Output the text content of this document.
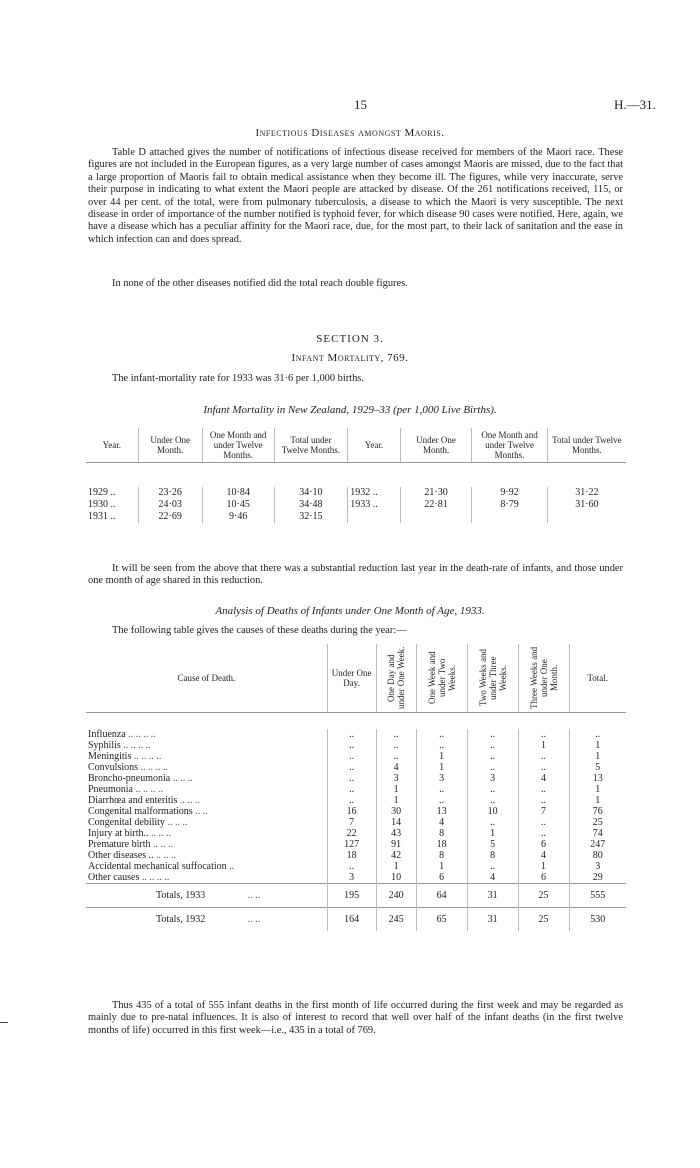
15	H.—31.
Infectious Diseases amongst Maoris.
Table D attached gives the number of notifications of infectious disease received for members of the Maori race. These figures are not included in the European figures, as a very large number of cases amongst Maoris are missed, due to the fact that a large proportion of Maoris fail to obtain medical assistance when they become ill. The figures, while very inaccurate, serve their purpose in indicating to what extent the Maori people are attacked by disease. Of the 261 notifications received, 115, or over 44 per cent. of the total, were from pulmonary tuberculosis, a disease to which the Maori is very susceptible. The next disease in order of importance of the number notified is typhoid fever, for which disease 90 cases were notified. Here, again, we have a disease which has a peculiar affinity for the Maori race, due, for the most part, to their lack of sanitation and the ease in which infection can and does spread.
In none of the other diseases notified did the total reach double figures.
SECTION 3.
Infant Mortality, 769.
The infant-mortality rate for 1933 was 31·6 per 1,000 births.
Infant Mortality in New Zealand, 1929–33 (per 1,000 Live Births).
Year.	Under One Month.	One Month and under Twelve Months.	Total under Twelve Months.	Year.	Under One Month.	One Month and under Twelve Months.	Total under Twelve Months.

1929 ..	23·26	10·84	34·10	1932 ..	21·30	9·92	31·22
1930 ..	24·03	10·45	34·48	1933 ..	22·81	8·79	31·60
1931 ..	22·69	9·46	32·15				

It will be seen from the above that there was a substantial reduction last year in the death-rate of infants, and those under one month of age shared in this reduction.
Analysis of Deaths of Infants under One Month of Age, 1933.
The following table gives the causes of these deaths during the year:—
Cause of Death.	Under One Day.	One Day and under One Week.	One Week and under Two Weeks.	Two Weeks and under Three Weeks.	Three Weeks and under One Month.	Total.

Influenza .. .. .. ..	..	..	..	..	..	..
Syphilis .. .. .. ..	..	..	..	..	1	1
Meningitis .. .. .. ..	..	..	1	..	..	1
Convulsions .. .. .. ..	..	4	1	..	..	5
Broncho-pneumonia .. .. ..	..	3	3	3	4	13
Pneumonia .. .. .. ..	..	1	..	..	..	1
Diarrhœa and enteritis .. .. ..	..	1	..	..	..	1
Congenital malformations .. ..	16	30	13	10	7	76
Congenital debility .. .. ..	7	14	4	..	..	25
Injury at birth.. .. .. ..	22	43	8	1	..	74
Premature birth .. .. ..	127	91	18	5	6	247
Other diseases .. .. .. ..	18	42	8	8	4	80
Accidental mechanical suffocation ..	..	1	1	..	1	3
Other causes .. .. .. ..	3	10	6	4	6	29
Totals, 1933 .. ..	195	240	64	31	25	555
Totals, 1932 .. ..	164	245	65	31	25	530
Thus 435 of a total of 555 infant deaths in the first month of life occurred during the first week and may be regarded as mainly due to pre-natal influences. It is also of interest to record that well over half of the infant deaths (in the first twelve months of life) occurred in this first week—i.e., 435 in a total of 769.
